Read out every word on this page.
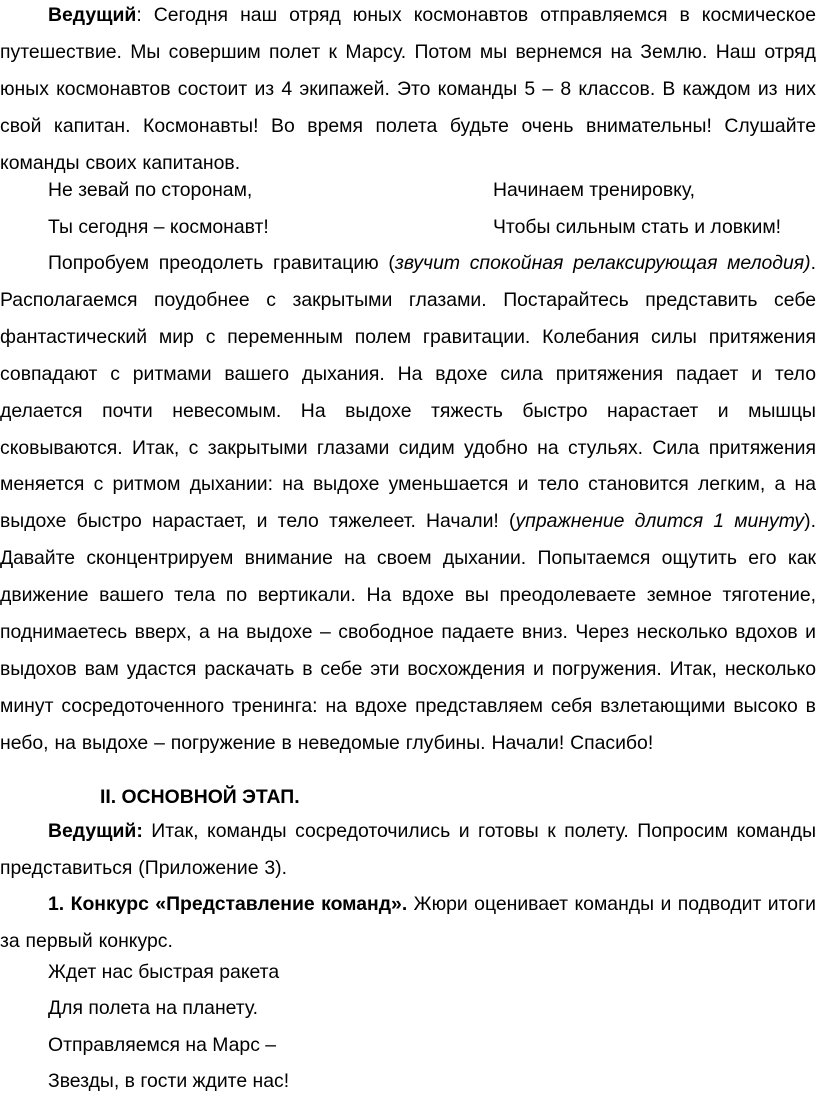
Ведущий: Сегодня наш отряд юных космонавтов отправляемся в космическое путешествие. Мы совершим полет к Марсу. Потом мы вернемся на Землю. Наш отряд юных космонавтов состоит из 4 экипажей. Это команды 5 – 8 классов. В каждом из них свой капитан. Космонавты! Во время полета будьте очень внимательны! Слушайте команды своих капитанов.

Не зевай по сторонам,	Начинаем тренировку,
Ты сегодня – космонавт!	Чтобы сильным стать и ловким!

Попробуем преодолеть гравитацию (звучит спокойная релаксирующая мелодия). Располагаемся поудобнее с закрытыми глазами. Постарайтесь представить себе фантастический мир с переменным полем гравитации. Колебания силы притяжения совпадают с ритмами вашего дыхания. На вдохе сила притяжения падает и тело делается почти невесомым. На выдохе тяжесть быстро нарастает и мышцы сковываются. Итак, с закрытыми глазами сидим удобно на стульях. Сила притяжения меняется с ритмом дыхании: на выдохе уменьшается и тело становится легким, а на выдохе быстро нарастает, и тело тяжелеет. Начали! (упражнение длится 1 минуту). Давайте сконцентрируем внимание на своем дыхании. Попытаемся ощутить его как движение вашего тела по вертикали. На вдохе вы преодолеваете земное тяготение, поднимаетесь вверх, а на выдохе – свободное падаете вниз. Через несколько вдохов и выдохов вам удастся раскачать в себе эти восхождения и погружения. Итак, несколько минут сосредоточенного тренинга: на вдохе представляем себя взлетающими высоко в небо, на выдохе – погружение в неведомые глубины. Начали! Спасибо!

II. ОСНОВНОЙ ЭТАП.

Ведущий: Итак, команды сосредоточились и готовы к полету. Попросим команды представиться (Приложение 3).

1. Конкурс «Представление команд». Жюри оценивает команды и подводит итоги за первый конкурс.

Ждет нас быстрая ракета
Для полета на планету.
Отправляемся на Марс –
Звезды, в гости ждите нас!
